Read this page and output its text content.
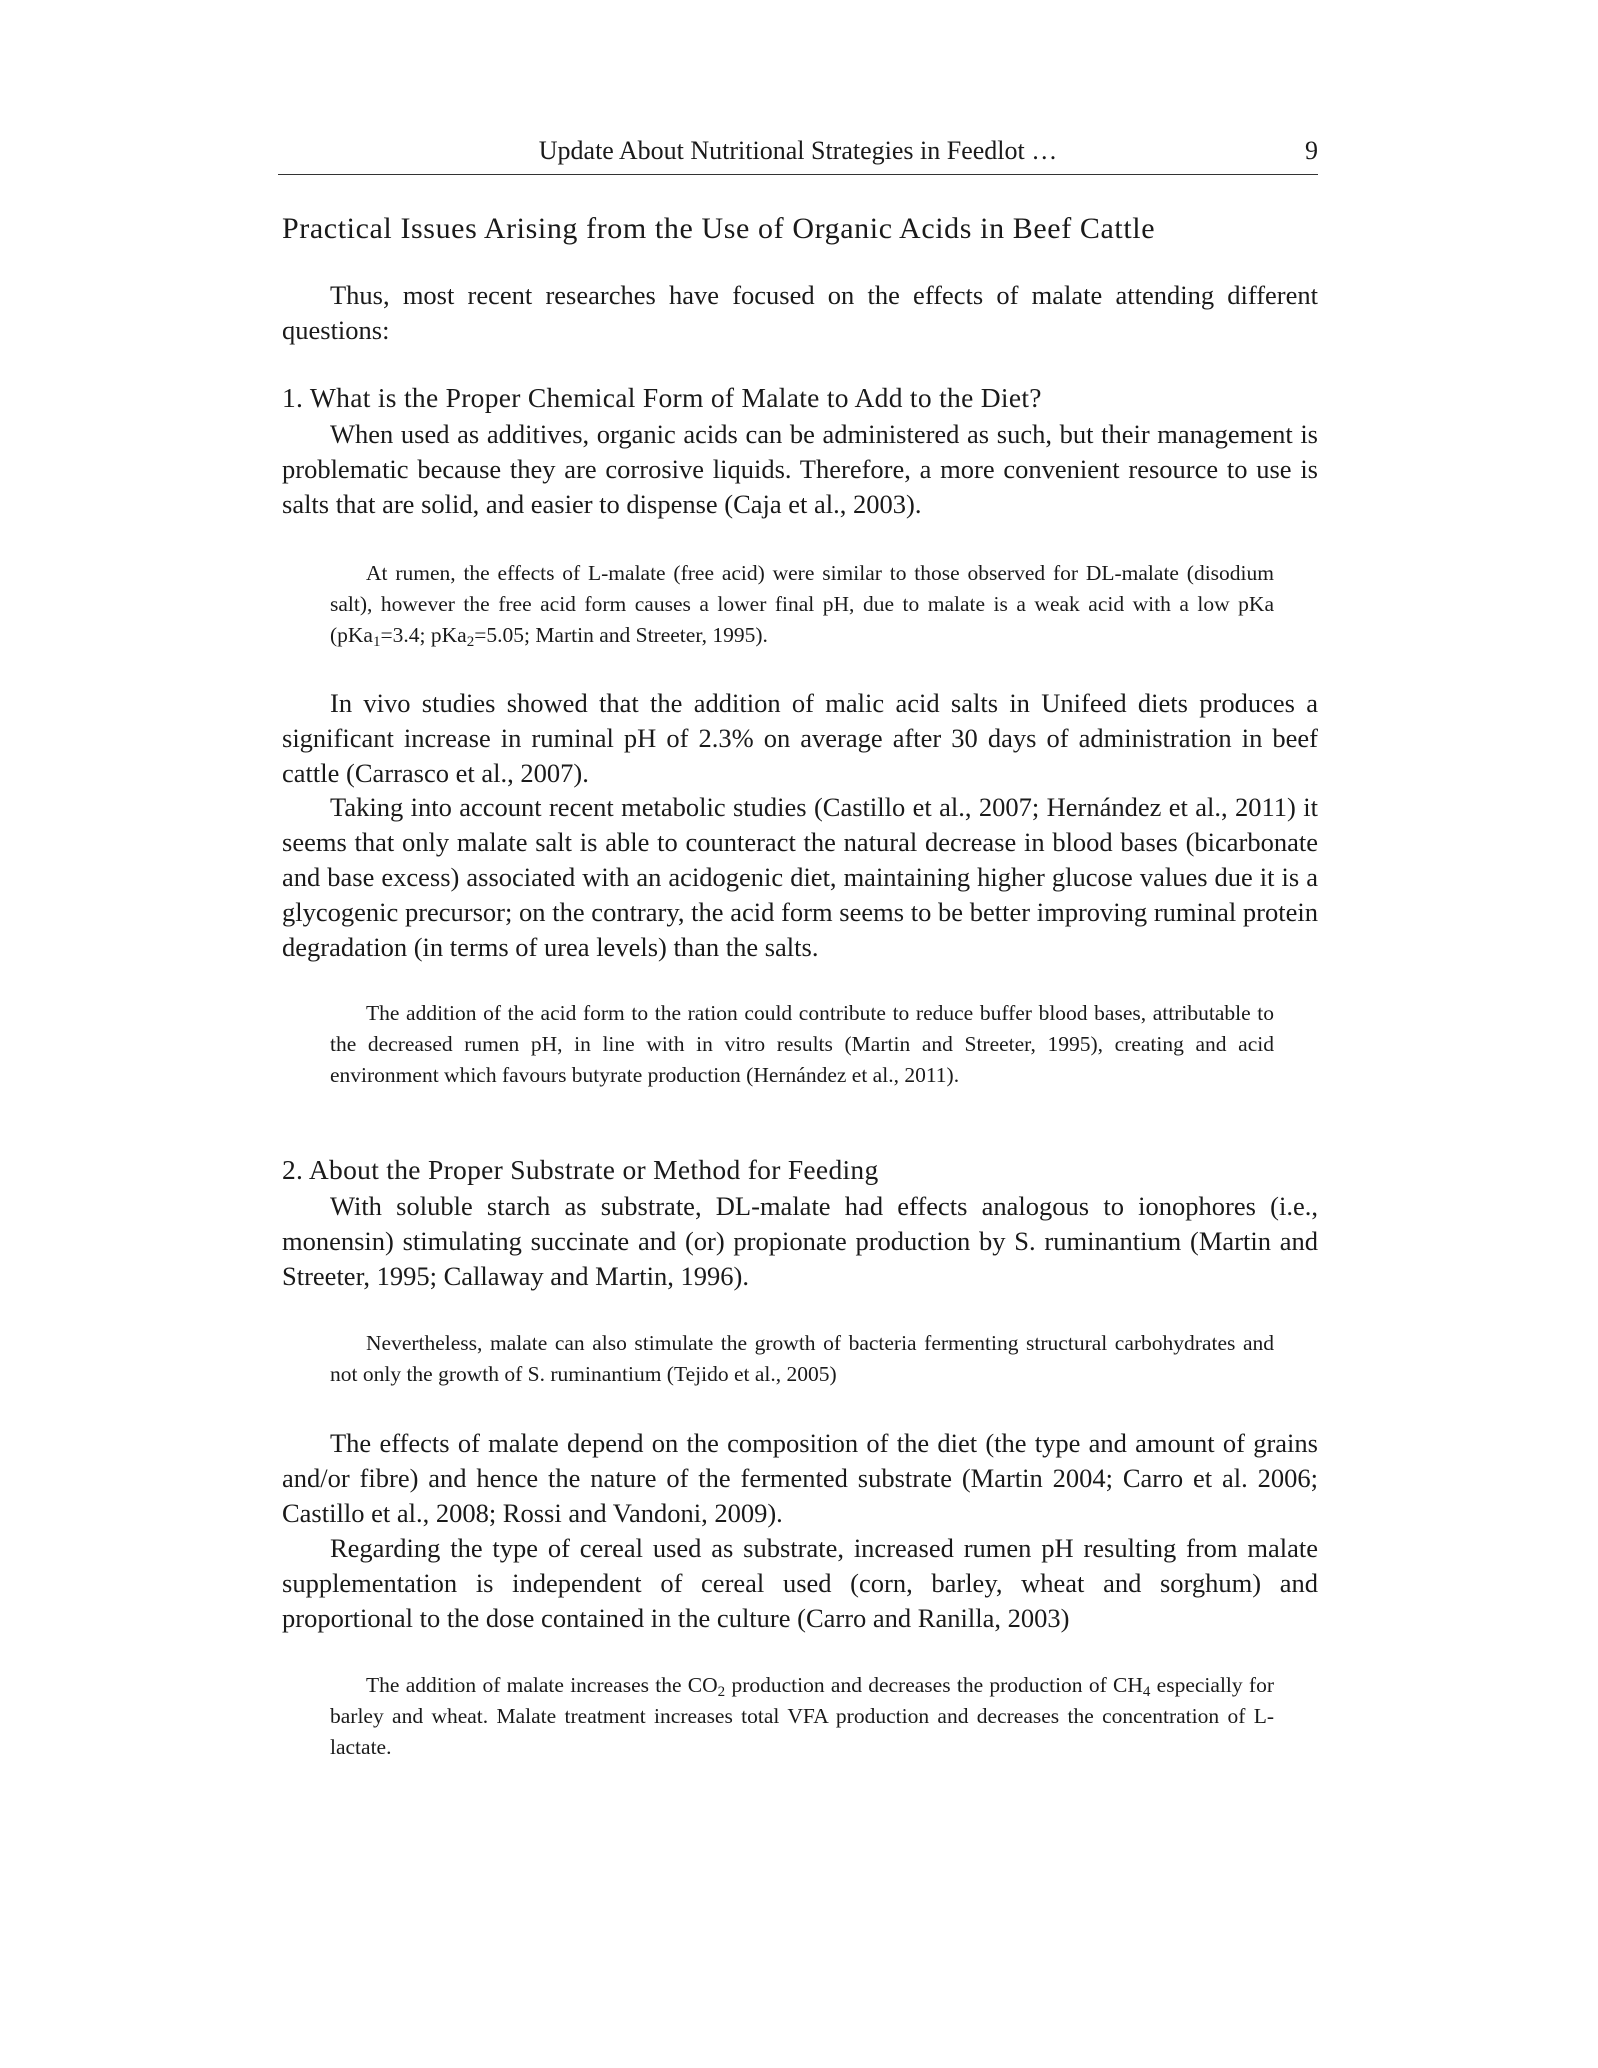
Update About Nutritional Strategies in Feedlot …	9
Practical Issues Arising from the Use of Organic Acids in Beef Cattle

Thus, most recent researches have focused on the effects of malate attending different questions:

1. What is the Proper Chemical Form of Malate to Add to the Diet?

When used as additives, organic acids can be administered as such, but their management is problematic because they are corrosive liquids. Therefore, a more convenient resource to use is salts that are solid, and easier to dispense (Caja et al., 2003).

At rumen, the effects of L-malate (free acid) were similar to those observed for DL-malate (disodium salt), however the free acid form causes a lower final pH, due to malate is a weak acid with a low pKa (pKa$_1$=3.4; pKa$_2$=5.05; Martin and Streeter, 1995).

In vivo studies showed that the addition of malic acid salts in Unifeed diets produces a significant increase in ruminal pH of 2.3% on average after 30 days of administration in beef cattle (Carrasco et al., 2007).

Taking into account recent metabolic studies (Castillo et al., 2007; Hernández et al., 2011) it seems that only malate salt is able to counteract the natural decrease in blood bases (bicarbonate and base excess) associated with an acidogenic diet, maintaining higher glucose values due it is a glycogenic precursor; on the contrary, the acid form seems to be better improving ruminal protein degradation (in terms of urea levels) than the salts.

The addition of the acid form to the ration could contribute to reduce buffer blood bases, attributable to the decreased rumen pH, in line with in vitro results (Martin and Streeter, 1995), creating and acid environment which favours butyrate production (Hernández et al., 2011).

2. About the Proper Substrate or Method for Feeding

With soluble starch as substrate, DL-malate had effects analogous to ionophores (i.e., monensin) stimulating succinate and (or) propionate production by S. ruminantium (Martin and Streeter, 1995; Callaway and Martin, 1996).

Nevertheless, malate can also stimulate the growth of bacteria fermenting structural carbohydrates and not only the growth of S. ruminantium (Tejido et al., 2005)

The effects of malate depend on the composition of the diet (the type and amount of grains and/or fibre) and hence the nature of the fermented substrate (Martin 2004; Carro et al. 2006; Castillo et al., 2008; Rossi and Vandoni, 2009).

Regarding the type of cereal used as substrate, increased rumen pH resulting from malate supplementation is independent of cereal used (corn, barley, wheat and sorghum) and proportional to the dose contained in the culture (Carro and Ranilla, 2003)

The addition of malate increases the $CO_2$ production and decreases the production of $CH_4$ especially for barley and wheat. Malate treatment increases total VFA production and decreases the concentration of L-lactate.
